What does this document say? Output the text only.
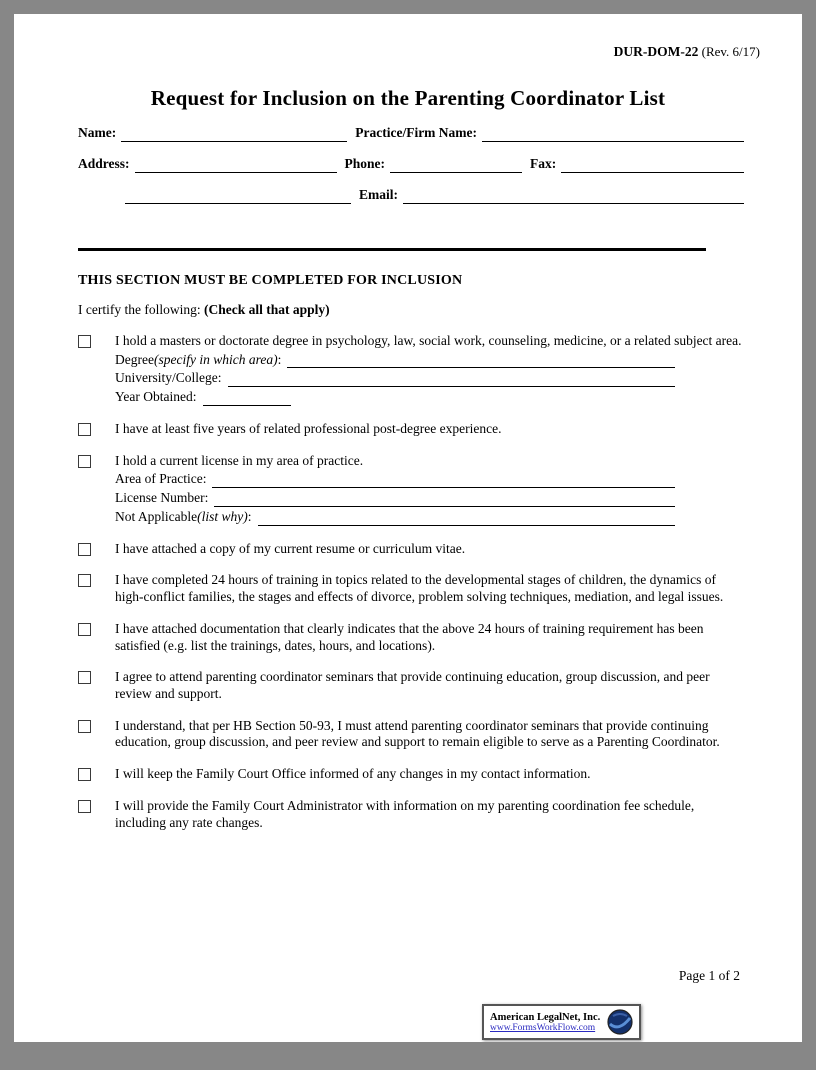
DUR-DOM-22 (Rev. 6/17)
Request for Inclusion on the Parenting Coordinator List
Name:	Practice/Firm Name:
Address:	Phone:	Fax:
Email:
THIS SECTION MUST BE COMPLETED FOR INCLUSION
I certify the following: (Check all that apply)
I hold a masters or doctorate degree in psychology, law, social work, counseling, medicine, or a related subject area.
Degree (specify in which area) :
University/College :
Year Obtained :
I have at least five years of related professional post-degree experience.
I hold a current license in my area of practice.
Area of Practice :
License Number :
Not Applicable (list why) :
I have attached a copy of my current resume or curriculum vitae.
I have completed 24 hours of training in topics related to the developmental stages of children, the dynamics of high-conflict families, the stages and effects of divorce, problem solving techniques, mediation, and legal issues.
I have attached documentation that clearly indicates that the above 24 hours of training requirement has been satisfied (e.g. list the trainings, dates, hours, and locations).
I agree to attend parenting coordinator seminars that provide continuing education, group discussion, and peer review and support.
I understand, that per HB Section 50-93, I must attend parenting coordinator seminars that provide continuing education, group discussion, and peer review and support to remain eligible to serve as a Parenting Coordinator.
I will keep the Family Court Office informed of any changes in my contact information.
I will provide the Family Court Administrator with information on my parenting coordination fee schedule, including any rate changes.
Page 1 of 2
American LegalNet, Inc.
www.FormsWorkFlow.com
